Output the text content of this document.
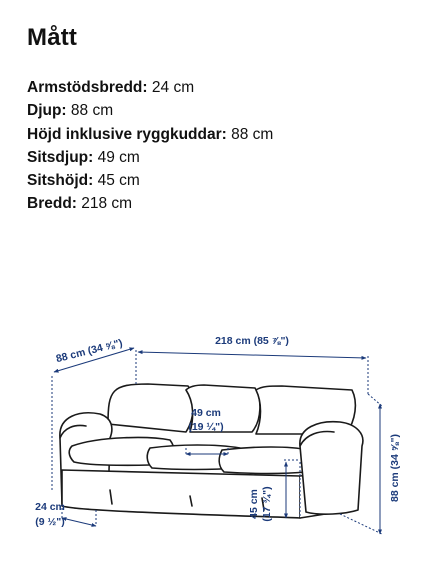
Mått
Armstödsbredd: 24 cm
Djup: 88 cm
Höjd inklusive ryggkuddar: 88 cm
Sitsdjup: 49 cm
Sitshöjd: 45 cm
Bredd: 218 cm
218 cm (85 ⅞")
88 cm (34 ⅝")
88 cm (34 ⅝")
49 cm
(19 ¼")
45 cm (17 ¾")
24 cm
(9 ½")
